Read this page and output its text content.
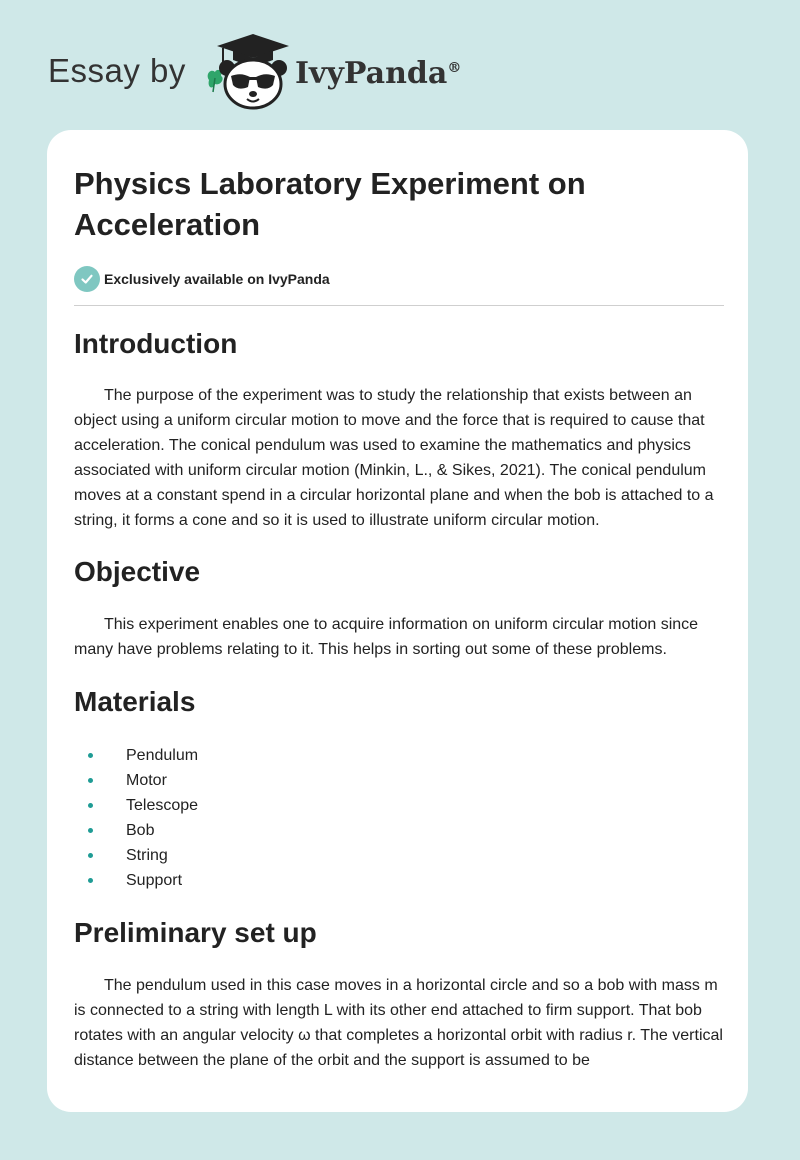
Essay by	IvyPanda®
Physics Laboratory Experiment on Acceleration
Exclusively available on IvyPanda
Introduction

The purpose of the experiment was to study the relationship that exists between an object using a uniform circular motion to move and the force that is required to cause that acceleration. The conical pendulum was used to examine the mathematics and physics associated with uniform circular motion (Minkin, L., & Sikes, 2021). The conical pendulum moves at a constant spend in a circular horizontal plane and when the bob is attached to a string, it forms a cone and so it is used to illustrate uniform circular motion.

Objective

This experiment enables one to acquire information on uniform circular motion since many have problems relating to it. This helps in sorting out some of these problems.

Materials
Pendulum
Motor
Telescope
Bob
String
Support
Preliminary set up

The pendulum used in this case moves in a horizontal circle and so a bob with mass m is connected to a string with length L with its other end attached to firm support. That bob rotates with an angular velocity ω that completes a horizontal orbit with radius r. The vertical distance between the plane of the orbit and the support is assumed to be
